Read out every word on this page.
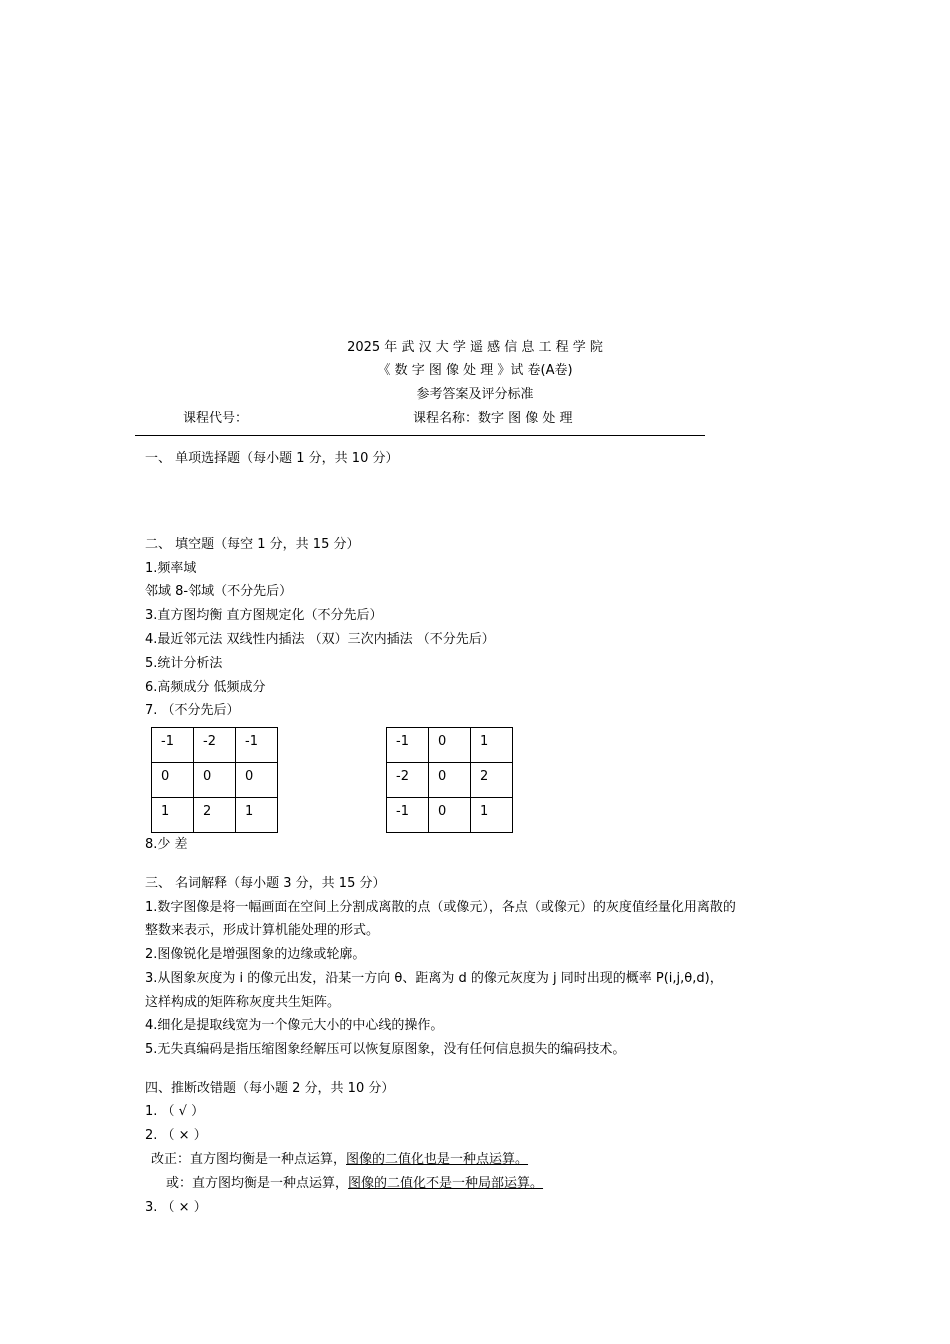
2025 年 武 汉 大 学 遥 感 信 息 工 程 学 院
《 数 字 图 像 处 理 》试 卷(A卷)
参考答案及评分标准
课程代号：	课程名称：数字 图 像 处 理
一、 单项选择题（每小题 1 分，共 10 分）
二、 填空题（每空 1 分，共 15 分）
1.频率域
邻域 8-邻域（不分先后）
3.直方图均衡 直方图规定化（不分先后）
4.最近邻元法 双线性内插法 （双）三次内插法 （不分先后）
5.统计分析法
6.高频成分 低频成分
7. （不分先后）
-1	-2	-1
0	0	0
1	2	1
-1	0	1
-2	0	2
-1	0	1
8.少 差
三、 名词解释（每小题 3 分，共 15 分）
1.数字图像是将一幅画面在空间上分割成离散的点（或像元），各点（或像元）的灰度值经量化用离散的
整数来表示，形成计算机能处理的形式。
2.图像锐化是增强图象的边缘或轮廓。
3.从图象灰度为 i 的像元出发，沿某一方向 θ、距离为 d 的像元灰度为 j 同时出现的概率 P(i,j,θ,d)，
这样构成的矩阵称灰度共生矩阵。
4.细化是提取线宽为一个像元大小的中心线的操作。
5.无失真编码是指压缩图象经解压可以恢复原图象，没有任何信息损失的编码技术。
四、推断改错题（每小题 2 分，共 10 分）
1. （ √ ）
2. （ × ）
改正：直方图均衡是一种点运算，图像的二值化也是一种点运算。
或：直方图均衡是一种点运算，图像的二值化不是一种局部运算。
3. （ × ）
